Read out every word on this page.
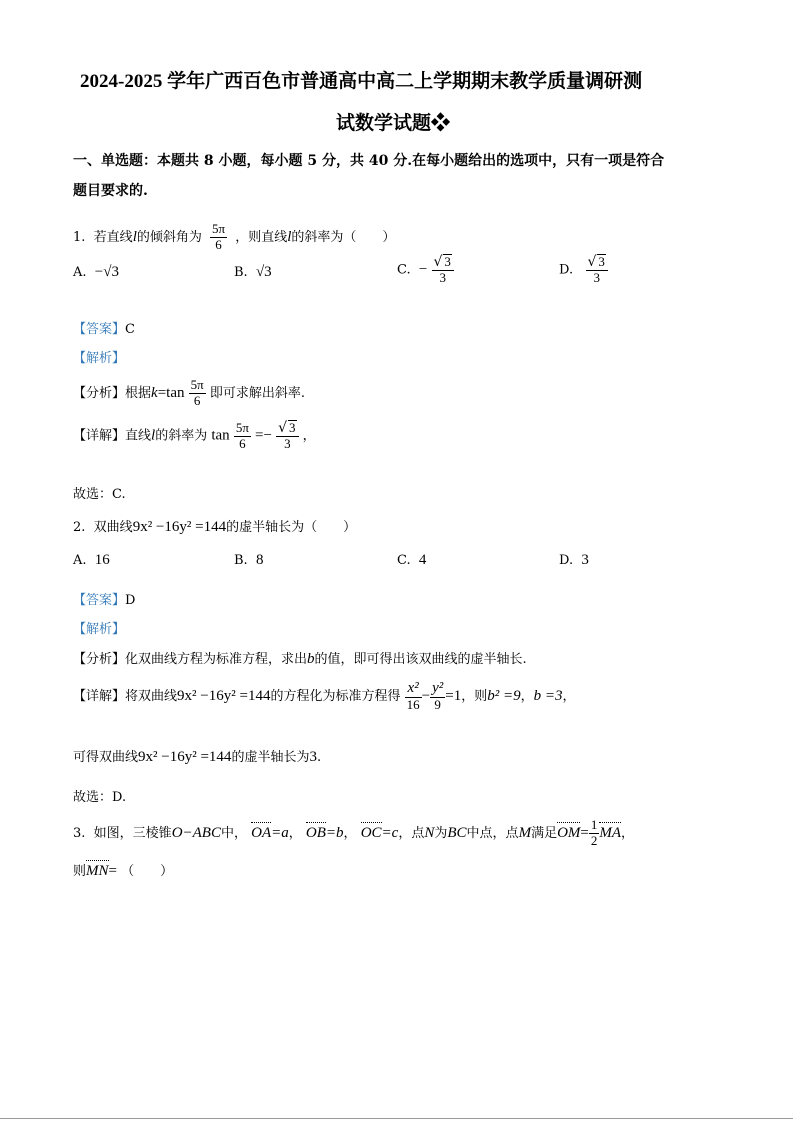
2024-2025 学年广西百色市普通高中高二上学期期末教学质量调研测
试数学试题❖
一、单选题：本题共 8 小题，每小题 5 分，共 40 分.在每小题给出的选项中，只有一项是符合
题目要求的.
1. 若直线l的倾斜角为 $\frac{5\pi}{6}$ ，则直线l的斜率为（　　）
A. −√3	B. √3	C. − $\frac{√ 3}{3}$	D. $\frac{√ 3}{3}$
【答案】C
【解析】
【分析】根据$k=\tan \frac{5\pi}{6}$ 即可求解出斜率.
【详解】直线l的斜率为 $\tan \frac{5\pi}{6} =- \frac{√ 3}{3}$ ，
故选：C.
2. 双曲线9x² −16y² =144的虚半轴长为（　　）
A. 16	B. 8	C. 4	D. 3
【答案】D
【解析】
【分析】化双曲线方程为标准方程，求出b的值，即可得出该双曲线的虚半轴长.
【详解】将双曲线9x² −16y² =144的方程化为标准方程得 $\frac{\text{x²}}{16} - \frac{\text{y²}}{9} =1$，则b² =9，b =3，
可得双曲线9x² −16y² =144的虚半轴长为3.
故选：D.
3. 如图，三棱锥O−ABC中， OA=a， OB=b， OC=c，点N为BC中点，点M满足$OM= \frac{1}{2}$ MA，
则MN= （　　）
